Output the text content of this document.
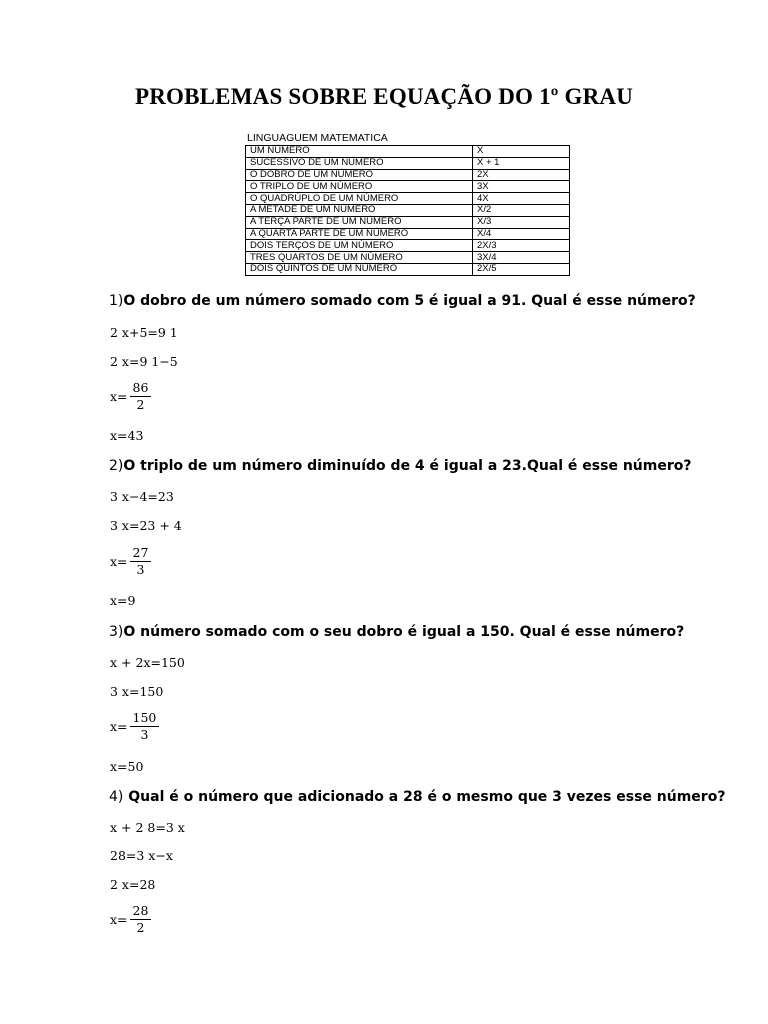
PROBLEMAS SOBRE EQUAÇÃO DO 1º GRAU
LINGUAGUEM MATEMATICA
UM NÚMERO	X
SUCESSIVO DE UM NÚMERO	X + 1
O DOBRO DE UM NÚMERO	2X
O TRIPLO DE UM NÚMERO	3X
O QUADRÚPLO DE UM NÚMERO	4X
A METADE DE UM NÚMERO	X/2
A TERÇA PARTE DE UM NÚMERO	X/3
A QUARTA PARTE DE UM NÚMERO	X/4
DOIS TERÇOS DE UM NÚMERO	2X/3
TRES QUARTOS DE UM NÚMERO	3X/4
DOIS QUINTOS DE UM NÚMERO	2X/5
1)O dobro de um número somado com 5 é igual a 91. Qual é esse número?
2 x+5=9 1
2 x=9 1−5
$x= \frac{86}{2}$
x=43
2)O triplo de um número diminuído de 4 é igual a 23.Qual é esse número?
3 x−4=23
3 x=23 + 4
$x= \frac{27}{3}$
x=9
3)O número somado com o seu dobro é igual a 150. Qual é esse número?
x + 2x=150
3 x=150
$x= \frac{150}{3}$
x=50
4) Qual é o número que adicionado a 28 é o mesmo que 3 vezes esse número?
x + 2 8=3 x
28=3 x−x
2 x=28
$x= \frac{28}{2}$
